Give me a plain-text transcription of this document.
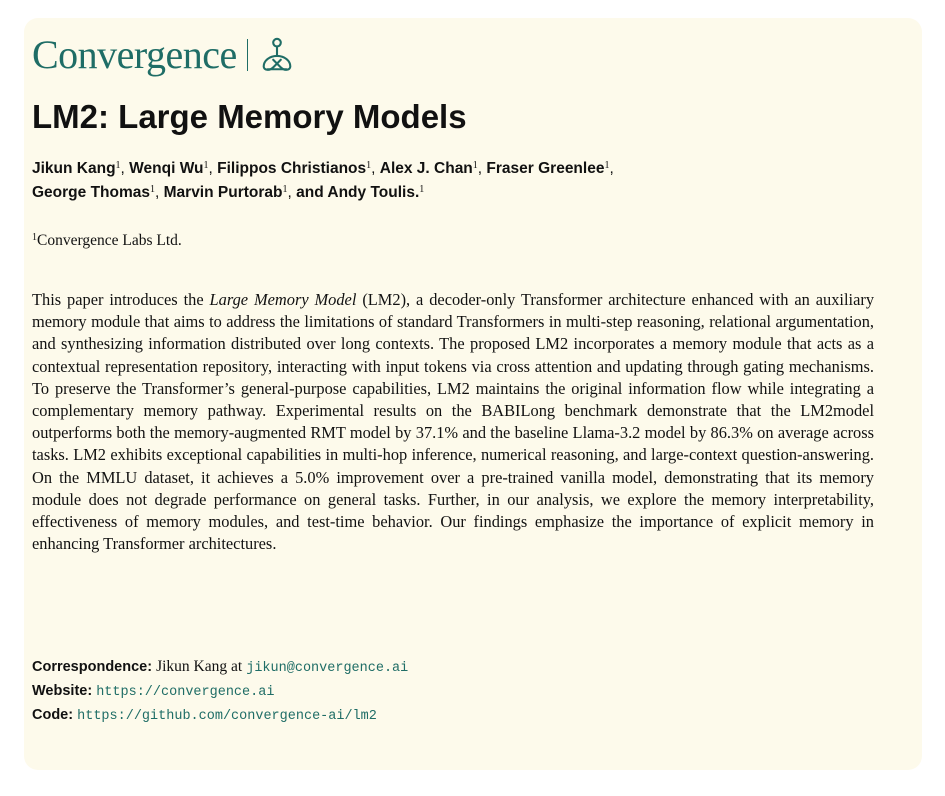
Convergence
LM2: Large Memory Models
Jikun Kang$^1$, Wenqi Wu$^1$, Filippos Christianos$^1$, Alex J. Chan$^1$, Fraser Greenlee$^1$,
George Thomas$^1$, Marvin Purtorab$^1$, and Andy Toulis.$^1$
$^1$Convergence Labs Ltd.

This paper introduces the Large Memory Model (LM2), a decoder-only Transformer architecture enhanced with an auxiliary memory module that aims to address the limitations of standard Transformers in multi-step reasoning, relational argumentation, and synthesizing information distributed over long contexts. The proposed LM2 incorporates a memory module that acts as a contextual representation repository, interacting with input tokens via cross attention and updating through gating mechanisms. To preserve the Transformer’s general-purpose capabilities, LM2 maintains the original information flow while integrating a complementary memory pathway. Experimental results on the BABILong benchmark demonstrate that the LM2model outperforms both the memory-augmented RMT model by 37.1% and the baseline Llama-3.2 model by 86.3% on average across tasks. LM2 exhibits exceptional capabilities in multi-hop inference, numerical reasoning, and large-context question-answering. On the MMLU dataset, it achieves a 5.0% improvement over a pre-trained vanilla model, demonstrating that its memory module does not degrade performance on general tasks. Further, in our analysis, we explore the memory interpretability, effectiveness of memory modules, and test-time behavior. Our findings emphasize the importance of explicit memory in enhancing Transformer architectures.

Correspondence: Jikun Kang at jikun@convergence.ai
Website: https://convergence.ai
Code: https://github.com/convergence-ai/lm2
